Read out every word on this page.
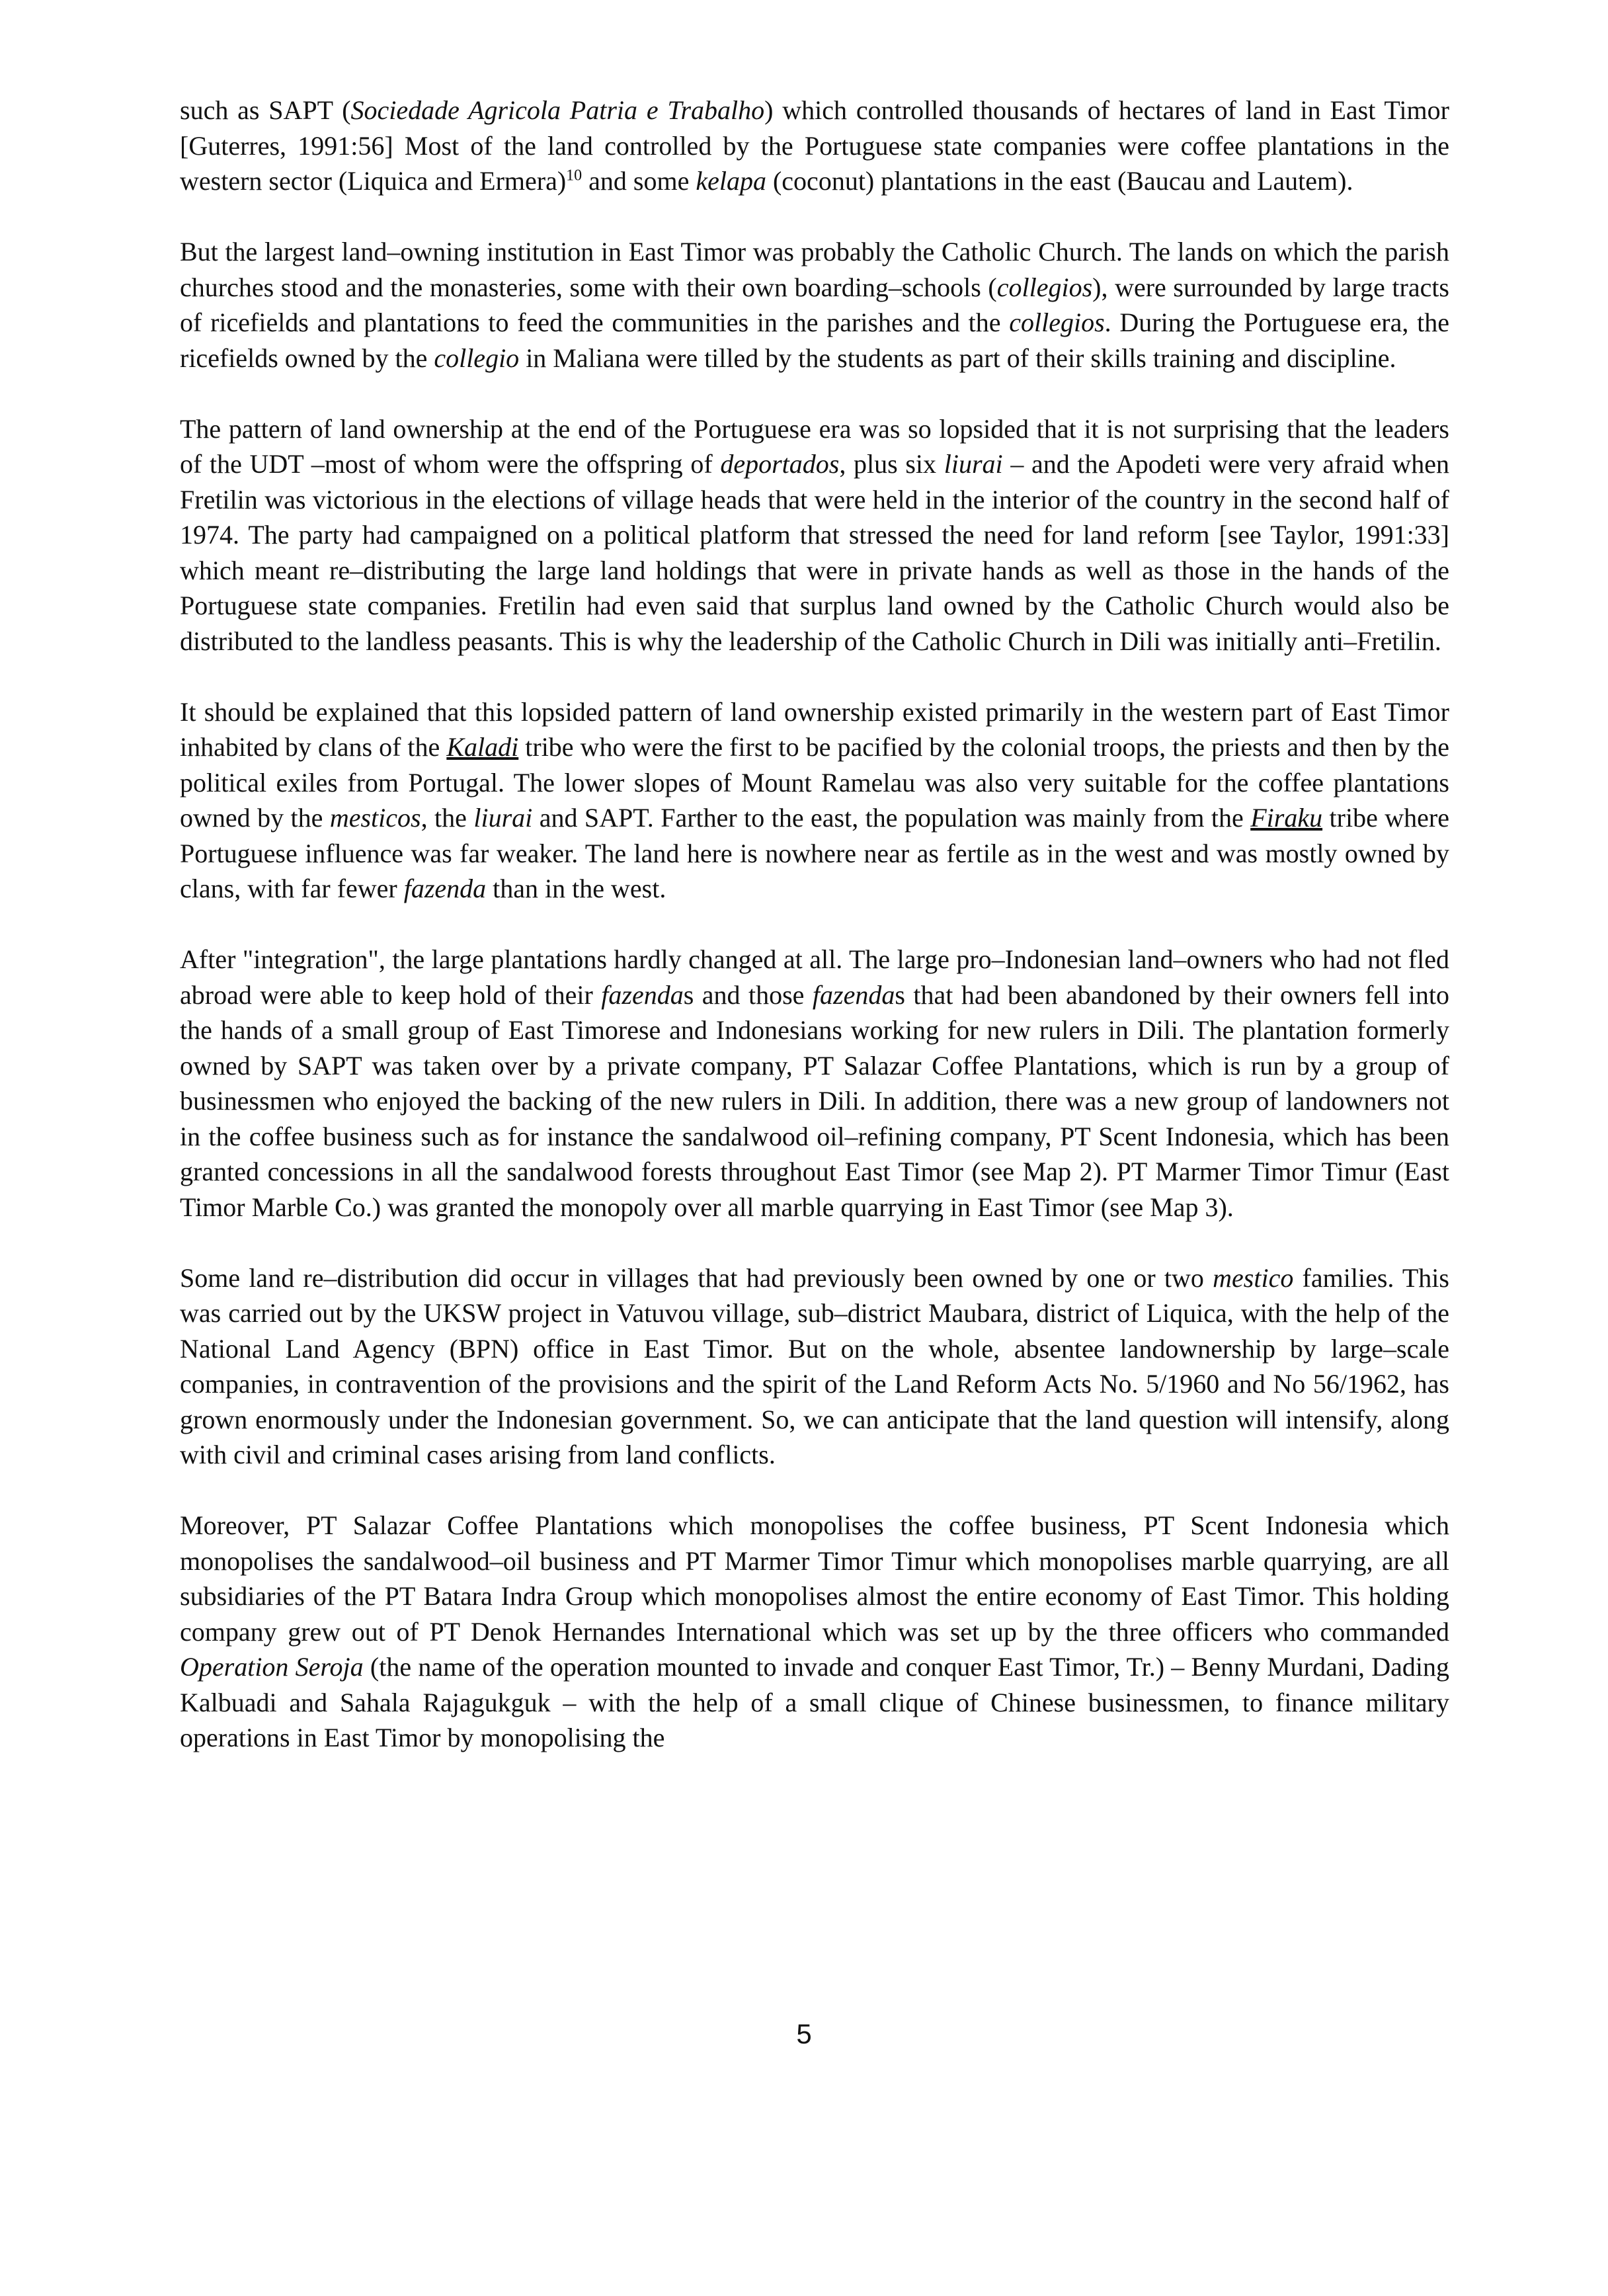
such as SAPT (Sociedade Agricola Patria e Trabalho) which controlled thousands of hectares of land in East Timor [Guterres, 1991:56] Most of the land controlled by the Portuguese state companies were coffee plantations in the western sector (Liquica and Ermera)$^{10}$ and some kelapa (coconut) plantations in the east (Baucau and Lautem).

But the largest land–owning institution in East Timor was probably the Catholic Church. The lands on which the parish churches stood and the monasteries, some with their own boarding–schools (collegios), were surrounded by large tracts of ricefields and plantations to feed the communities in the parishes and the collegios. During the Portuguese era, the ricefields owned by the collegio in Maliana were tilled by the students as part of their skills training and discipline.

The pattern of land ownership at the end of the Portuguese era was so lopsided that it is not surprising that the leaders of the UDT –most of whom were the offspring of deportados, plus six liurai – and the Apodeti were very afraid when Fretilin was victorious in the elections of village heads that were held in the interior of the country in the second half of 1974. The party had campaigned on a political platform that stressed the need for land reform [see Taylor, 1991:33] which meant re–distributing the large land holdings that were in private hands as well as those in the hands of the Portuguese state companies. Fretilin had even said that surplus land owned by the Catholic Church would also be distributed to the landless peasants. This is why the leadership of the Catholic Church in Dili was initially anti–Fretilin.

It should be explained that this lopsided pattern of land ownership existed primarily in the western part of East Timor inhabited by clans of the Kaladi tribe who were the first to be pacified by the colonial troops, the priests and then by the political exiles from Portugal. The lower slopes of Mount Ramelau was also very suitable for the coffee plantations owned by the mesticos, the liurai and SAPT. Farther to the east, the population was mainly from the Firaku tribe where Portuguese influence was far weaker. The land here is nowhere near as fertile as in the west and was mostly owned by clans, with far fewer fazenda than in the west.

After "integration", the large plantations hardly changed at all. The large pro–Indonesian land–owners who had not fled abroad were able to keep hold of their fazendas and those fazendas that had been abandoned by their owners fell into the hands of a small group of East Timorese and Indonesians working for new rulers in Dili. The plantation formerly owned by SAPT was taken over by a private company, PT Salazar Coffee Plantations, which is run by a group of businessmen who enjoyed the backing of the new rulers in Dili. In addition, there was a new group of landowners not in the coffee business such as for instance the sandalwood oil–refining company, PT Scent Indonesia, which has been granted concessions in all the sandalwood forests throughout East Timor (see Map 2). PT Marmer Timor Timur (East Timor Marble Co.) was granted the monopoly over all marble quarrying in East Timor (see Map 3).

Some land re–distribution did occur in villages that had previously been owned by one or two mestico families. This was carried out by the UKSW project in Vatuvou village, sub–district Maubara, district of Liquica, with the help of the National Land Agency (BPN) office in East Timor. But on the whole, absentee landownership by large–scale companies, in contravention of the provisions and the spirit of the Land Reform Acts No. 5/1960 and No 56/1962, has grown enormously under the Indonesian government. So, we can anticipate that the land question will intensify, along with civil and criminal cases arising from land conflicts.

Moreover, PT Salazar Coffee Plantations which monopolises the coffee business, PT Scent Indonesia which monopolises the sandalwood–oil business and PT Marmer Timor Timur which monopolises marble quarrying, are all subsidiaries of the PT Batara Indra Group which monopolises almost the entire economy of East Timor. This holding company grew out of PT Denok Hernandes International which was set up by the three officers who commanded Operation Seroja (the name of the operation mounted to invade and conquer East Timor, Tr.) – Benny Murdani, Dading Kalbuadi and Sahala Rajagukguk – with the help of a small clique of Chinese businessmen, to finance military operations in East Timor by monopolising the

5
